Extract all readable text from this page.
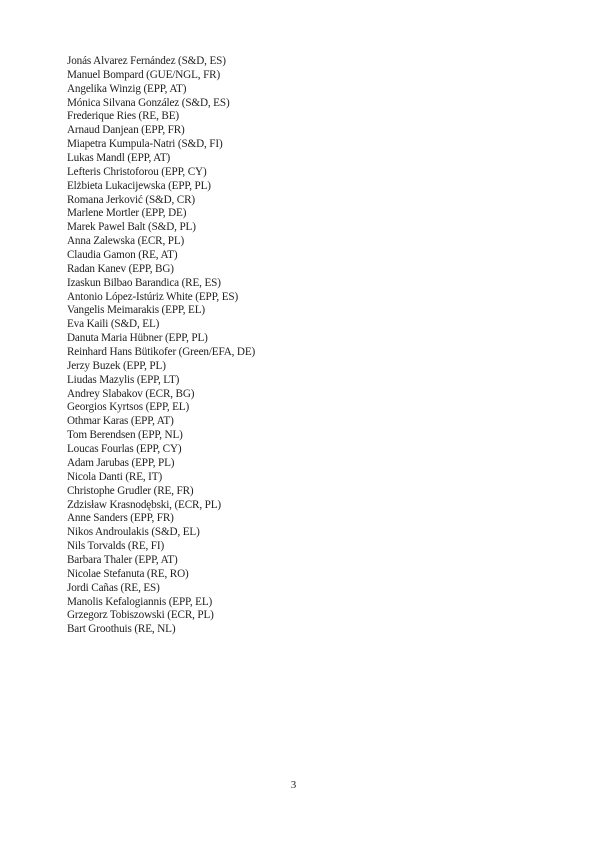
Jonás Alvarez Fernández (S&D, ES)
Manuel Bompard (GUE/NGL, FR)
Angelika Winzig (EPP, AT)
Mónica Silvana González (S&D, ES)
Frederique Ries (RE, BE)
Arnaud Danjean (EPP, FR)
Miapetra Kumpula-Natri (S&D, FI)
Lukas Mandl (EPP, AT)
Lefteris Christoforou (EPP, CY)
Elżbieta Lukacijewska (EPP, PL)
Romana Jerković (S&D, CR)
Marlene Mortler (EPP, DE)
Marek Pawel Balt (S&D, PL)
Anna Zalewska (ECR, PL)
Claudia Gamon (RE, AT)
Radan Kanev (EPP, BG)
Izaskun Bilbao Barandica (RE, ES)
Antonio López-Istúriz White (EPP, ES)
Vangelis Meimarakis (EPP, EL)
Eva Kaili (S&D, EL)
Danuta Maria Hübner (EPP, PL)
Reinhard Hans Bütikofer (Green/EFA, DE)
Jerzy Buzek (EPP, PL)
Liudas Mazylis (EPP, LT)
Andrey Slabakov (ECR, BG)
Georgios Kyrtsos (EPP, EL)
Othmar Karas (EPP, AT)
Tom Berendsen (EPP, NL)
Loucas Fourlas (EPP, CY)
Adam Jarubas (EPP, PL)
Nicola Danti (RE, IT)
Christophe Grudler (RE, FR)
Zdzisław Krasnodębski, (ECR, PL)
Anne Sanders (EPP, FR)
Nikos Androulakis (S&D, EL)
Nils Torvalds (RE, FI)
Barbara Thaler (EPP, AT)
Nicolae Stefanuta (RE, RO)
Jordi Cañas (RE, ES)
Manolis Kefalogiannis (EPP, EL)
Grzegorz Tobiszowski (ECR, PL)
Bart Groothuis (RE, NL)
3
